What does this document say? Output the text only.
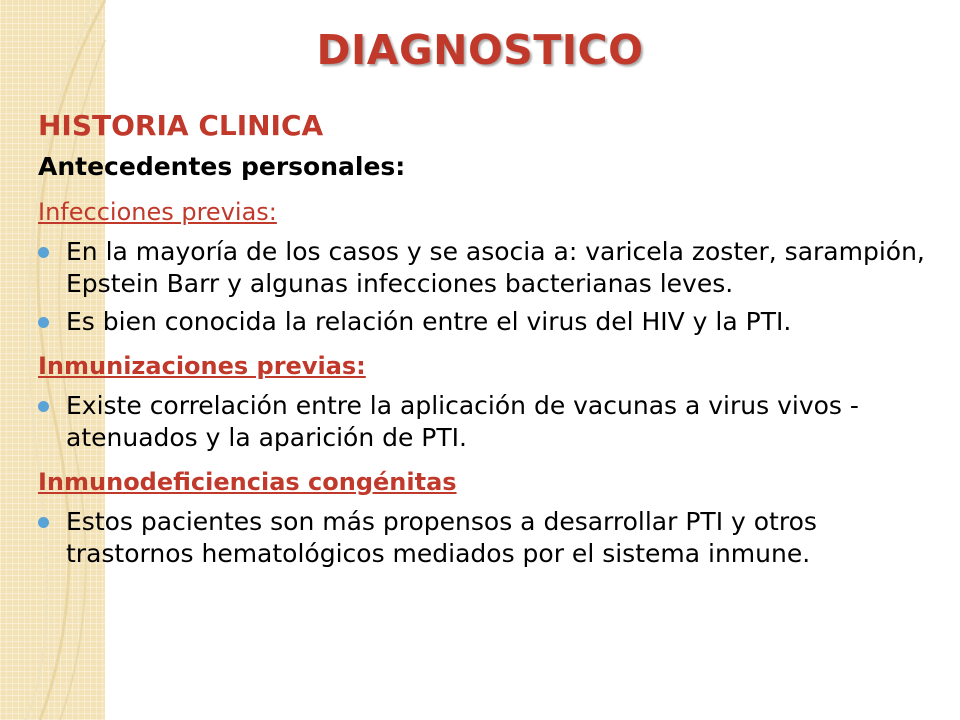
DIAGNOSTICO

HISTORIA CLINICA

Antecedentes personales:

Infecciones previas:

En la mayoría de los casos y se asocia a: varicela zoster, sarampión, Epstein Barr y algunas infecciones bacterianas leves.
Es bien conocida la relación entre el virus del HIV y la PTI.

Inmunizaciones previas:

Existe correlación entre la aplicación de vacunas a virus vivos - atenuados y la aparición de PTI.

Inmunodeficiencias congénitas

Estos pacientes son más propensos a desarrollar PTI y otros trastornos hematológicos mediados por el sistema inmune.
